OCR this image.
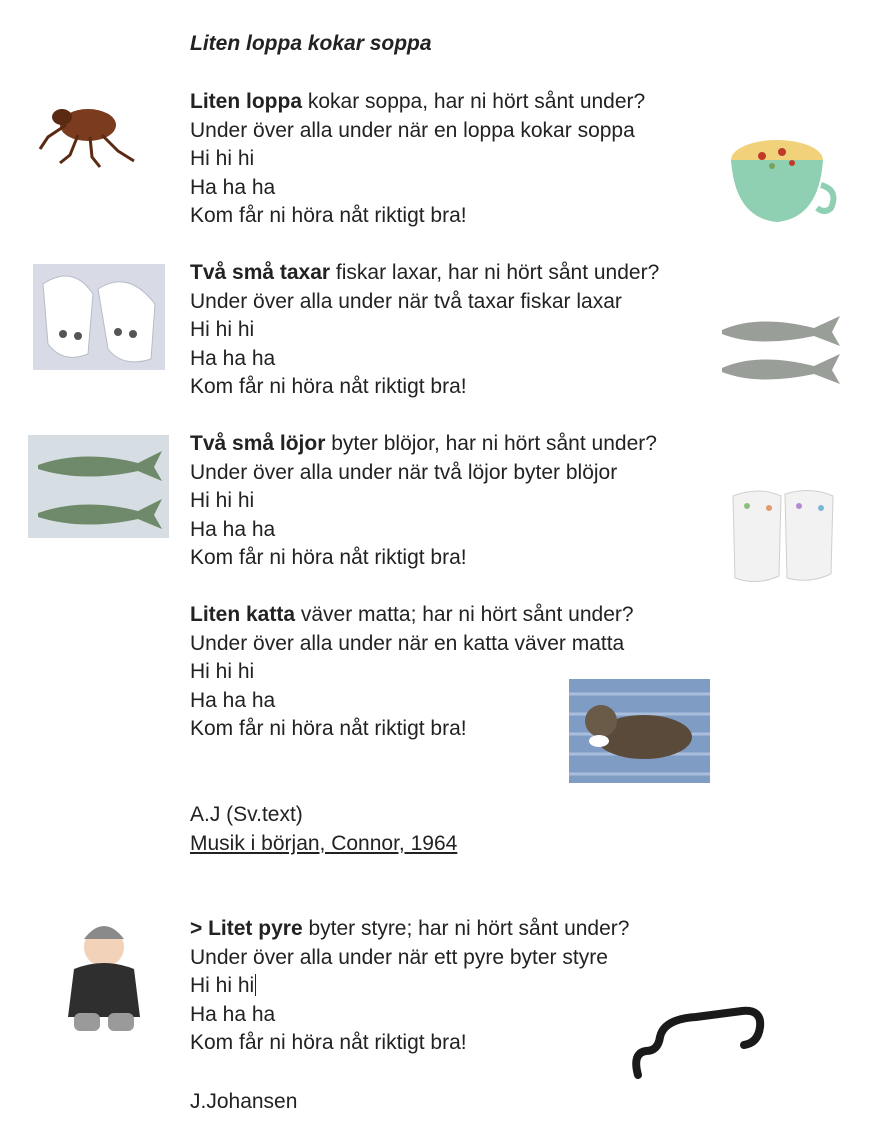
Liten loppa kokar soppa
Liten loppa kokar soppa, har ni hört sånt under?
Under över alla under när en loppa kokar soppa
Hi hi hi
Ha ha ha
Kom får ni höra nåt riktigt bra!
Två små taxar fiskar laxar, har ni hört sånt under?
Under över alla under när två taxar fiskar laxar
Hi hi hi
Ha ha ha
Kom får ni höra nåt riktigt bra!
Två små löjor byter blöjor, har ni hört sånt under?
Under över alla under när två löjor byter blöjor
Hi hi hi
Ha ha ha
Kom får ni höra nåt riktigt bra!
Liten katta väver matta; har ni hört sånt under?
Under över alla under när en katta väver matta
Hi hi hi
Ha ha ha
Kom får ni höra nåt riktigt bra!
A.J (Sv.text)
Musik i början, Connor, 1964
> Litet pyre byter styre; har ni hört sånt under?
Under över alla under när ett pyre byter styre
Hi hi hi
Ha ha ha
Kom får ni höra nåt riktigt bra!
J.Johansen
